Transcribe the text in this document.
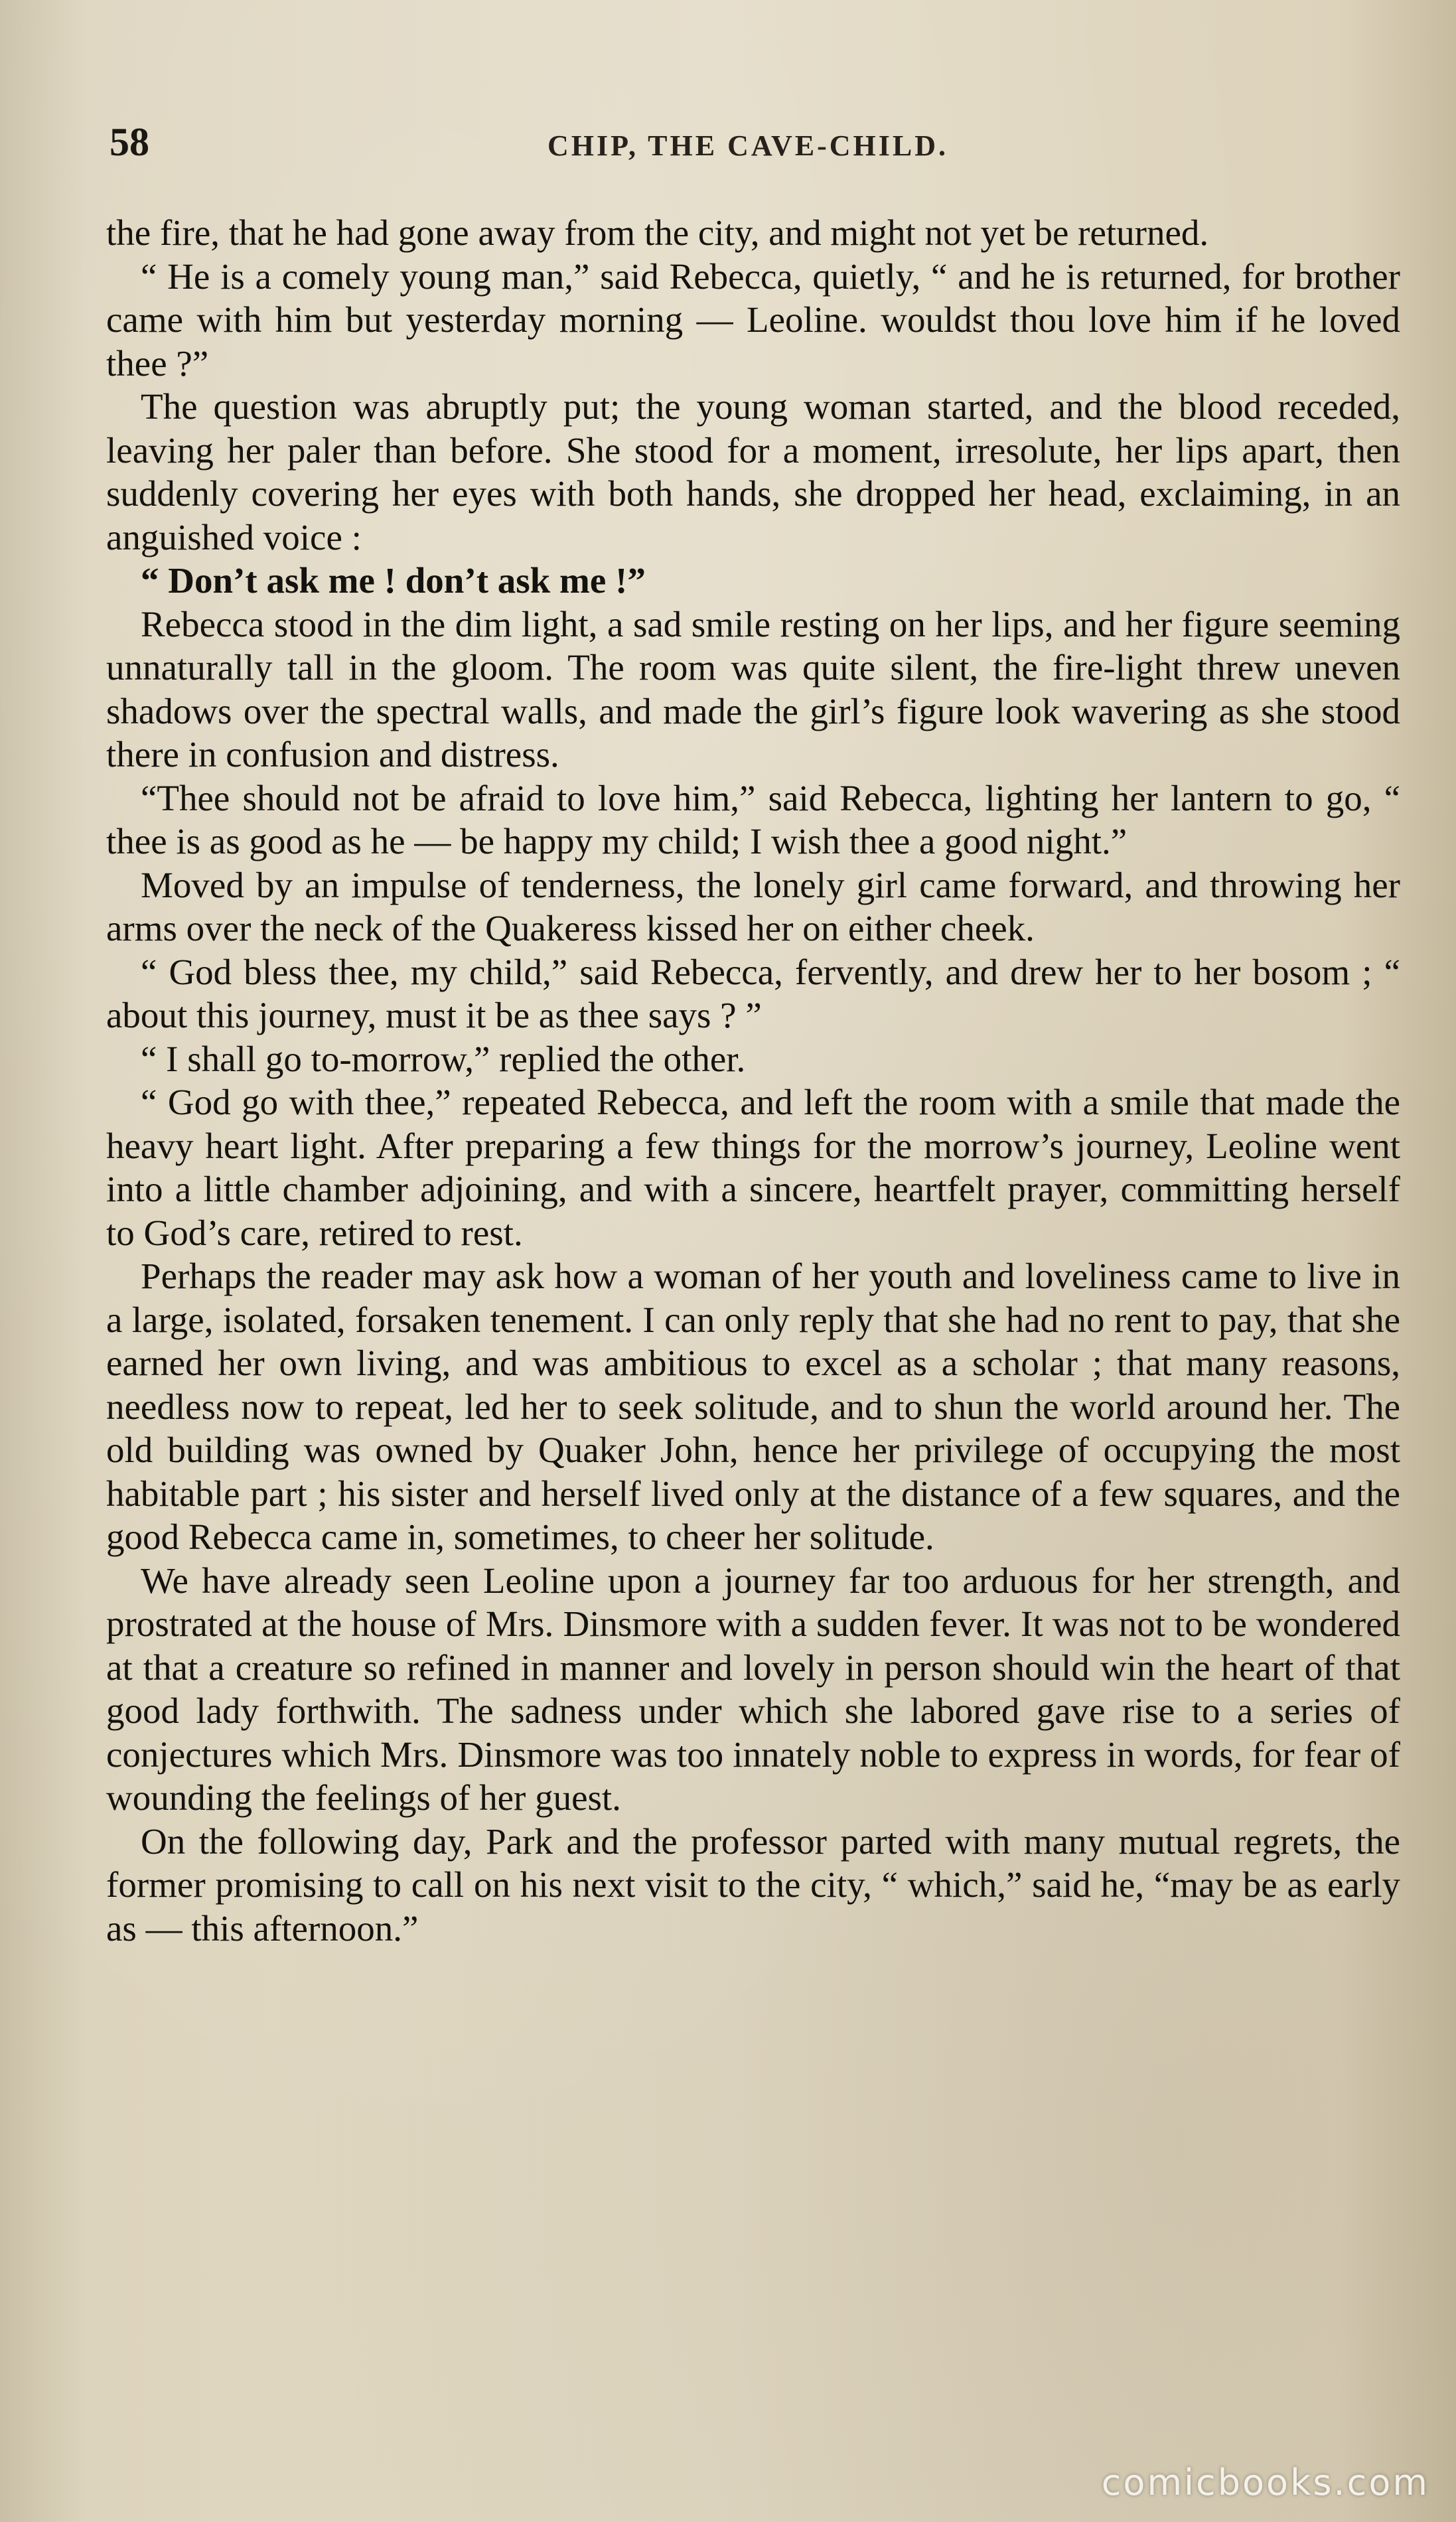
58	CHIP, THE CAVE-CHILD.

the fire, that he had gone away from the city, and might not yet be returned.

“ He is a comely young man,” said Rebecca, quietly, “ and he is returned, for brother came with him but yesterday morning — Leoline. wouldst thou love him if he loved thee ?”

The question was abruptly put; the young woman started, and the blood receded, leaving her paler than before. She stood for a moment, irresolute, her lips apart, then suddenly covering her eyes with both hands, she dropped her head, exclaiming, in an anguished voice :

“ Don’t ask me ! don’t ask me !”

Rebecca stood in the dim light, a sad smile resting on her lips, and her figure seeming unnaturally tall in the gloom. The room was quite silent, the fire-light threw uneven shadows over the spectral walls, and made the girl’s figure look wavering as she stood there in confusion and distress.

“Thee should not be afraid to love him,” said Rebecca, lighting her lantern to go, “ thee is as good as he — be happy my child; I wish thee a good night.”

Moved by an impulse of tenderness, the lonely girl came forward, and throwing her arms over the neck of the Quakeress kissed her on either cheek.

“ God bless thee, my child,” said Rebecca, fervently, and drew her to her bosom ; “ about this journey, must it be as thee says ? ”

“ I shall go to-morrow,” replied the other.

“ God go with thee,” repeated Rebecca, and left the room with a smile that made the heavy heart light. After preparing a few things for the morrow’s journey, Leoline went into a little chamber adjoining, and with a sincere, heartfelt prayer, committing herself to God’s care, retired to rest.

Perhaps the reader may ask how a woman of her youth and loveliness came to live in a large, isolated, forsaken tenement. I can only reply that she had no rent to pay, that she earned her own living, and was ambitious to excel as a scholar ; that many reasons, needless now to repeat, led her to seek solitude, and to shun the world around her. The old building was owned by Quaker John, hence her privilege of occupying the most habitable part ; his sister and herself lived only at the distance of a few squares, and the good Rebecca came in, sometimes, to cheer her solitude.

We have already seen Leoline upon a journey far too arduous for her strength, and prostrated at the house of Mrs. Dinsmore with a sudden fever. It was not to be wondered at that a creature so refined in manner and lovely in person should win the heart of that good lady forthwith. The sadness under which she labored gave rise to a series of conjectures which Mrs. Dinsmore was too innately noble to express in words, for fear of wounding the feelings of her guest.

On the following day, Park and the professor parted with many mutual regrets, the former promising to call on his next visit to the city, “ which,” said he, “may be as early as — this afternoon.”

comicbooks.com
